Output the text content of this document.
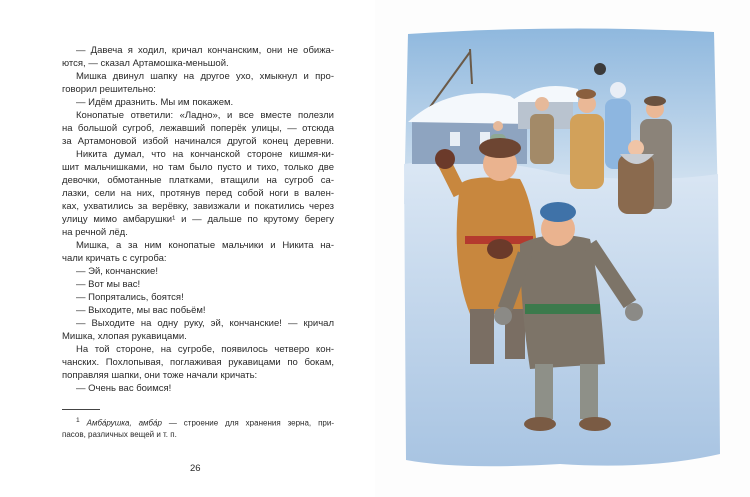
— Давеча я ходил, кричал кончанским, они не обижа-
ются, — сказал Артамошка-меньшой.
Мишка двинул шапку на другое ухо, хмыкнул и про-
говорил решительно:
— Идём дразнить. Мы им покажем.
Конопатые ответили: «Ладно», и все вместе полезли
на большой сугроб, лежавший поперёк улицы, — отсюда
за Артамоновой избой начинался другой конец деревни.
Никита думал, что на кончанской стороне кишмя-ки-
шит мальчишками, но там было пусто и тихо, только две
девочки, обмотанные платками, втащили на сугроб са-
лазки, сели на них, протянув перед собой ноги в вален-
ках, ухватились за верёвку, завизжали и покатились через
улицу мимо амбарушки¹ и — дальше по крутому берегу
на речной лёд.
Мишка, а за ним конопатые мальчики и Никита на-
чали кричать с сугроба:
— Эй, кончанские!
— Вот мы вас!
— Попрятались, боятся!
— Выходите, мы вас побьём!
— Выходите на одну руку, эй, кончанские! — кричал
Мишка, хлопая рукавицами.
На той стороне, на сугробе, появилось четверо кон-
чанских. Похлопывая, поглаживая рукавицами по бокам,
поправляя шапки, они тоже начали кричать:
— Очень вас боимся!
$^1$ Амба́рушка, амба́р — строение для хранения зерна, при-
пасов, различных вещей и т. п.
26
